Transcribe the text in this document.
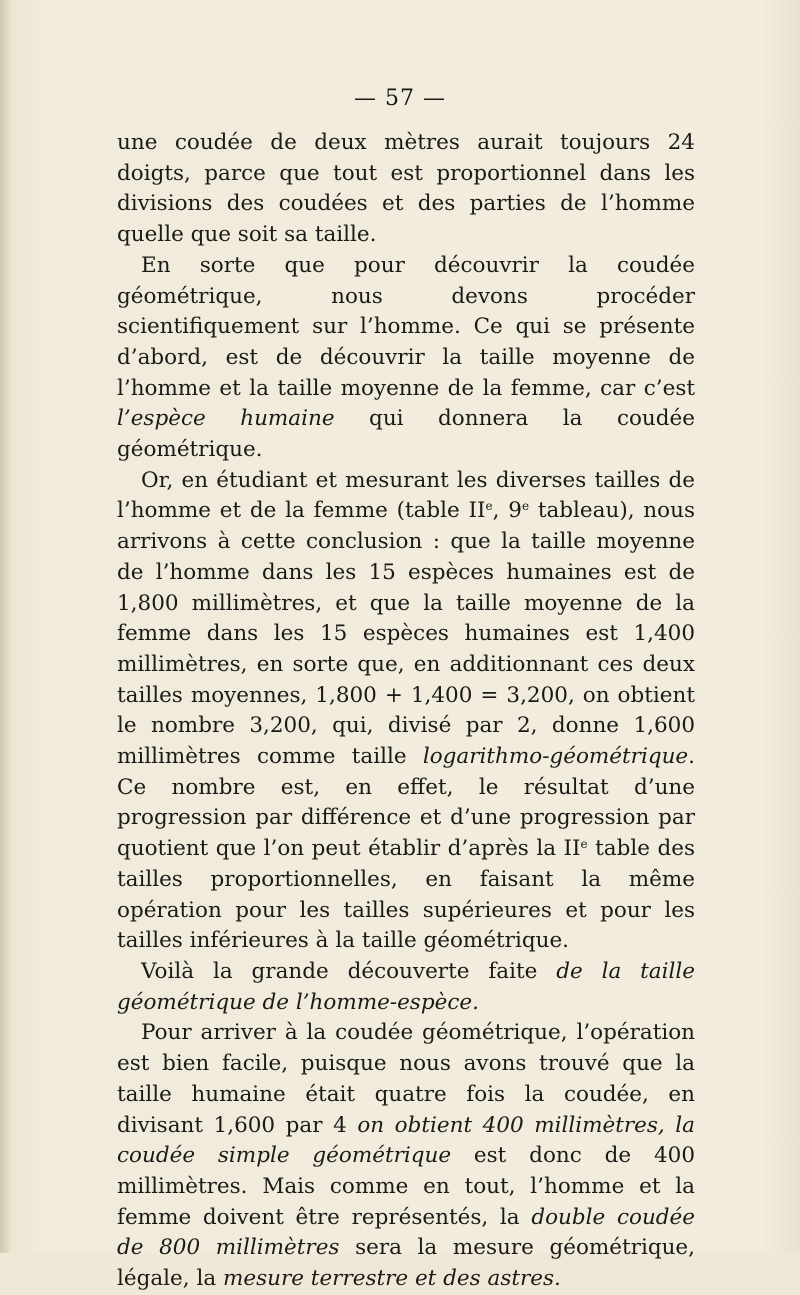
— 57 —

une coudée de deux mètres aurait toujours 24 doigts, parce que tout est proportionnel dans les divisions des coudées et des parties de l’homme quelle que soit sa taille.

En sorte que pour découvrir la coudée géométrique, nous devons procéder scientifiquement sur l’homme. Ce qui se présente d’abord, est de découvrir la taille moyenne de l’homme et la taille moyenne de la femme, car c’est l’espèce humaine qui donnera la coudée géométrique.

Or, en étudiant et mesurant les diverses tailles de l’homme et de la femme (table IIe, 9e tableau), nous arrivons à cette conclusion : que la taille moyenne de l’homme dans les 15 espèces humaines est de 1,800 millimètres, et que la taille moyenne de la femme dans les 15 espèces humaines est 1,400 millimètres, en sorte que, en additionnant ces deux tailles moyennes, 1,800 + 1,400 = 3,200, on obtient le nombre 3,200, qui, divisé par 2, donne 1,600 millimètres comme taille logarithmo-géométrique. Ce nombre est, en effet, le résultat d’une progression par différence et d’une progression par quotient que l’on peut établir d’après la IIe table des tailles proportionnelles, en faisant la même opération pour les tailles supérieures et pour les tailles inférieures à la taille géométrique.

Voilà la grande découverte faite de la taille géométrique de l’homme-espèce.

Pour arriver à la coudée géométrique, l’opération est bien facile, puisque nous avons trouvé que la taille humaine était quatre fois la coudée, en divisant 1,600 par 4 on obtient 400 millimètres, la coudée simple géométrique est donc de 400 millimètres. Mais comme en tout, l’homme et la femme doivent être représentés, la double coudée de 800 millimètres sera la mesure géométrique, légale, la mesure terrestre et des astres.
